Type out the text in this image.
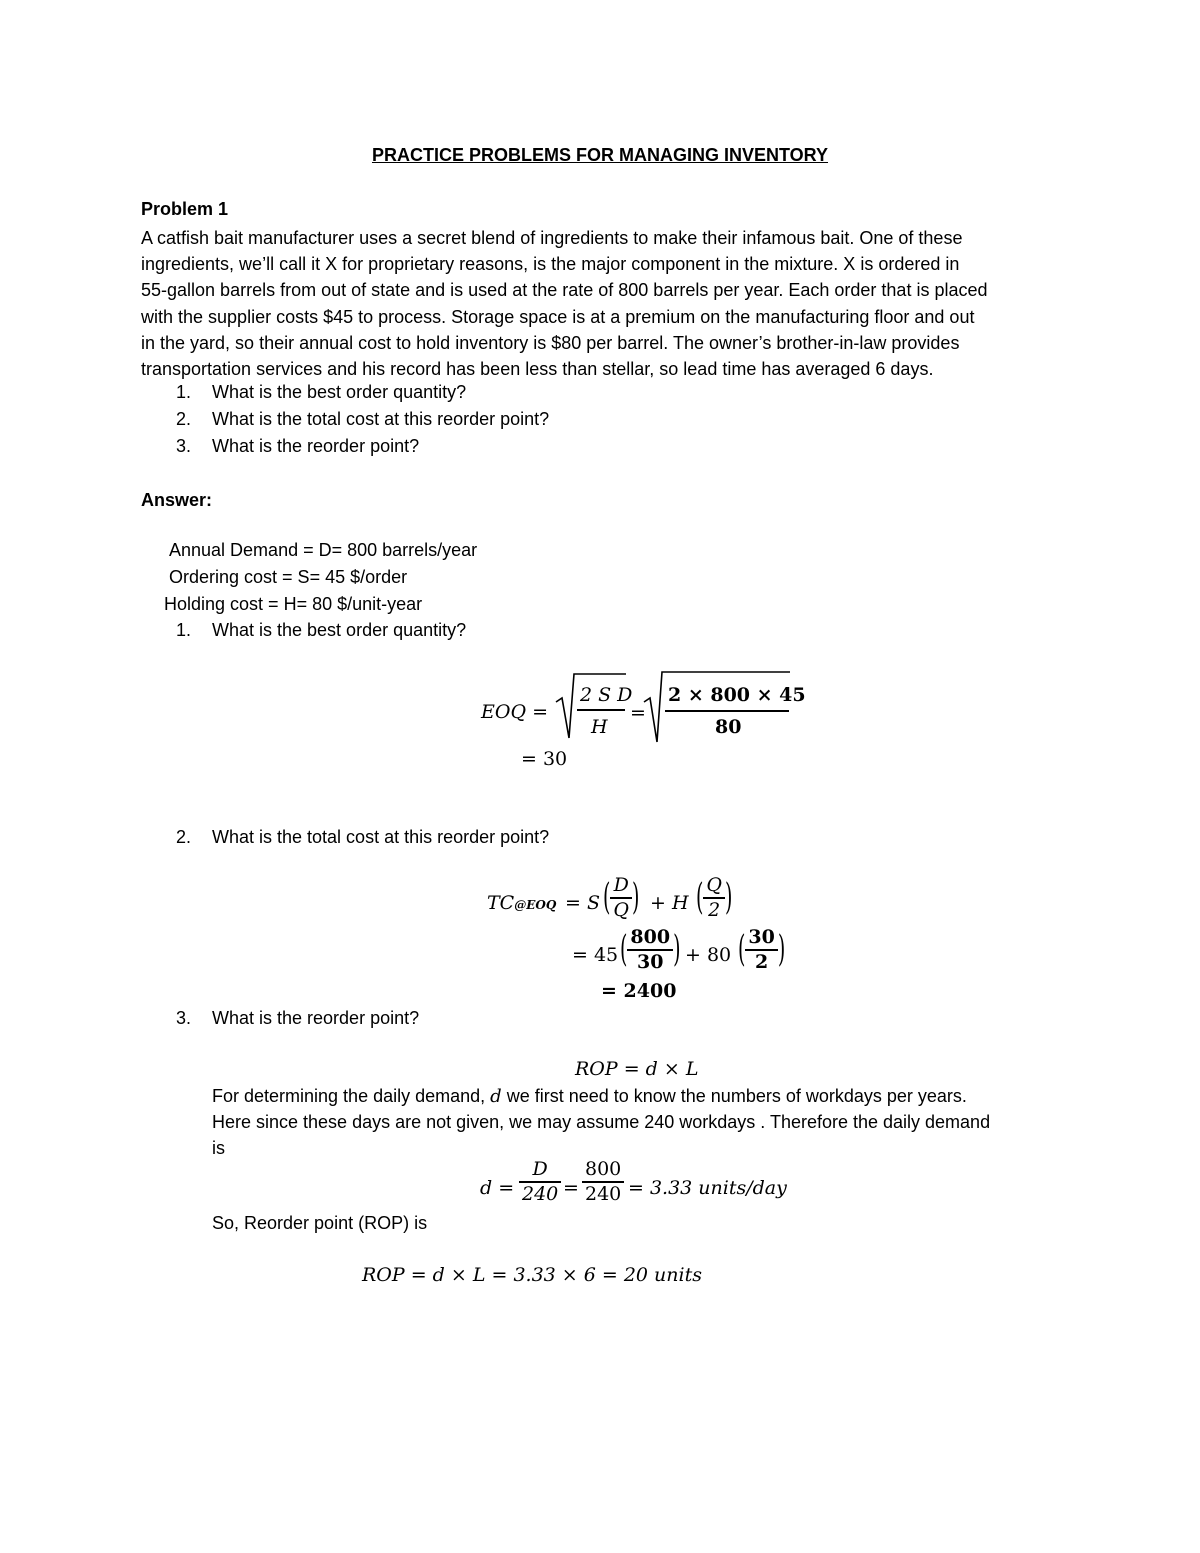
PRACTICE PROBLEMS FOR MANAGING INVENTORY
Problem 1
A catfish bait manufacturer uses a secret blend of ingredients to make their infamous bait. One of these
ingredients, we’ll call it X for proprietary reasons, is the major component in the mixture. X is ordered in
55-gallon barrels from out of state and is used at the rate of 800 barrels per year. Each order that is placed
with the supplier costs $45 to process. Storage space is at a premium on the manufacturing floor and out
in the yard, so their annual cost to hold inventory is $80 per barrel. The owner’s brother-in-law provides
transportation services and his record has been less than stellar, so lead time has averaged 6 days.
1. What is the best order quantity?
2. What is the total cost at this reorder point?
3. What is the reorder point?
Answer:
Annual Demand = D= 800 barrels/year
Ordering cost = S= 45 $/order
Holding cost = H= 80 $/unit-year
1. What is the best order quantity?
EOQ =
2 S D
H
=
2 × 800 × 45
80
= 30
2. What is the total cost at this reorder point?
TC@EOQ = S ( $\frac{D}{Q}$ ) + H ( $\frac{Q}{2}$ )
= 45 ( $\frac{800}{30}$ ) + 80 ( $\frac{30}{2}$ )
= 2400
3. What is the reorder point?
ROP = d × L
For determining the daily demand, d we first need to know the numbers of workdays per years.
Here since these days are not given, we may assume 240 workdays . Therefore the daily demand
is
$d = \frac{D}{240} = \frac{800}{240} = 3.33$ units/day
So, Reorder point (ROP) is
ROP = d × L = 3.33 × 6 = 20 units
